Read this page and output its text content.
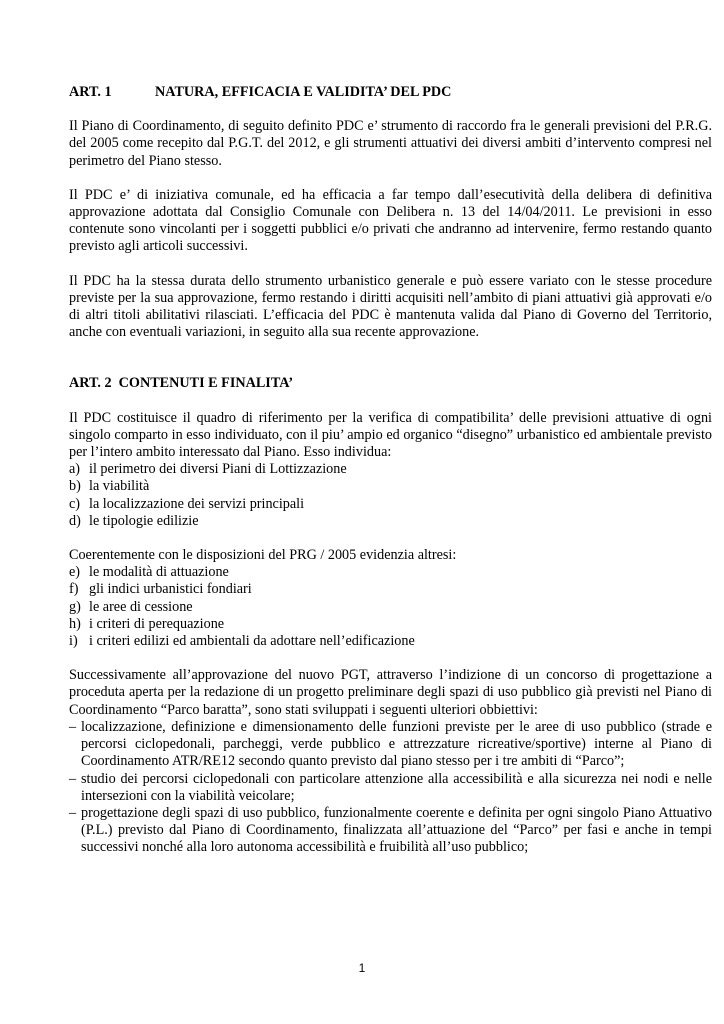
ART. 1	NATURA, EFFICACIA E VALIDITA’ DEL PDC

Il Piano di Coordinamento, di seguito definito PDC e’ strumento di raccordo fra le generali previsioni del P.R.G. del 2005 come recepito dal P.G.T. del 2012, e gli strumenti attuativi dei diversi ambiti d’intervento compresi nel perimetro del Piano stesso.

Il PDC e’ di iniziativa comunale, ed ha efficacia a far tempo dall’esecutività della delibera di definitiva approvazione adottata dal Consiglio Comunale con Delibera n. 13 del 14/04/2011. Le previsioni in esso contenute sono vincolanti per i soggetti pubblici e/o privati che andranno ad intervenire, fermo restando quanto previsto agli articoli successivi.

Il PDC ha la stessa durata dello strumento urbanistico generale e può essere variato con le stesse procedure previste per la sua approvazione, fermo restando i diritti acquisiti nell’ambito di piani attuativi già approvati e/o di altri titoli abilitativi rilasciati. L’efficacia del PDC è mantenuta valida dal Piano di Governo del Territorio, anche con eventuali variazioni, in seguito alla sua recente approvazione.

ART. 2  CONTENUTI E FINALITA’

Il PDC costituisce il quadro di riferimento per la verifica di compatibilita’ delle previsioni attuative di ogni singolo comparto in esso individuato, con il piu’ ampio ed organico “disegno” urbanistico ed ambientale previsto per l’intero ambito interessato dal Piano. Esso individua:

a) il perimetro dei diversi Piani di Lottizzazione
b) la viabilità
c) la localizzazione dei servizi principali
d) le tipologie edilizie

Coerentemente con le disposizioni del PRG / 2005 evidenzia altresi:

e) le modalità di attuazione
f) gli indici urbanistici fondiari
g) le aree di cessione
h) i criteri di perequazione
i) i criteri edilizi ed ambientali da adottare nell’edificazione

Successivamente all’approvazione del nuovo PGT, attraverso l’indizione di un concorso di progettazione a proceduta aperta per la redazione di un progetto preliminare degli spazi di uso pubblico già previsti nel Piano di Coordinamento “Parco baratta”, sono stati sviluppati i seguenti ulteriori obbiettivi:

– localizzazione, definizione e dimensionamento delle funzioni previste per le aree di uso pubblico (strade e percorsi ciclopedonali, parcheggi, verde pubblico e attrezzature ricreative/sportive) interne al Piano di Coordinamento ATR/RE12 secondo quanto previsto dal piano stesso per i tre ambiti di “Parco”;
– studio dei percorsi ciclopedonali con particolare attenzione alla accessibilità e alla sicurezza nei nodi e nelle intersezioni con la viabilità veicolare;
– progettazione degli spazi di uso pubblico, funzionalmente coerente e definita per ogni singolo Piano Attuativo (P.L.) previsto dal Piano di Coordinamento, finalizzata all’attuazione del “Parco” per fasi e anche in tempi successivi nonché alla loro autonoma accessibilità e fruibilità all’uso pubblico;
1
